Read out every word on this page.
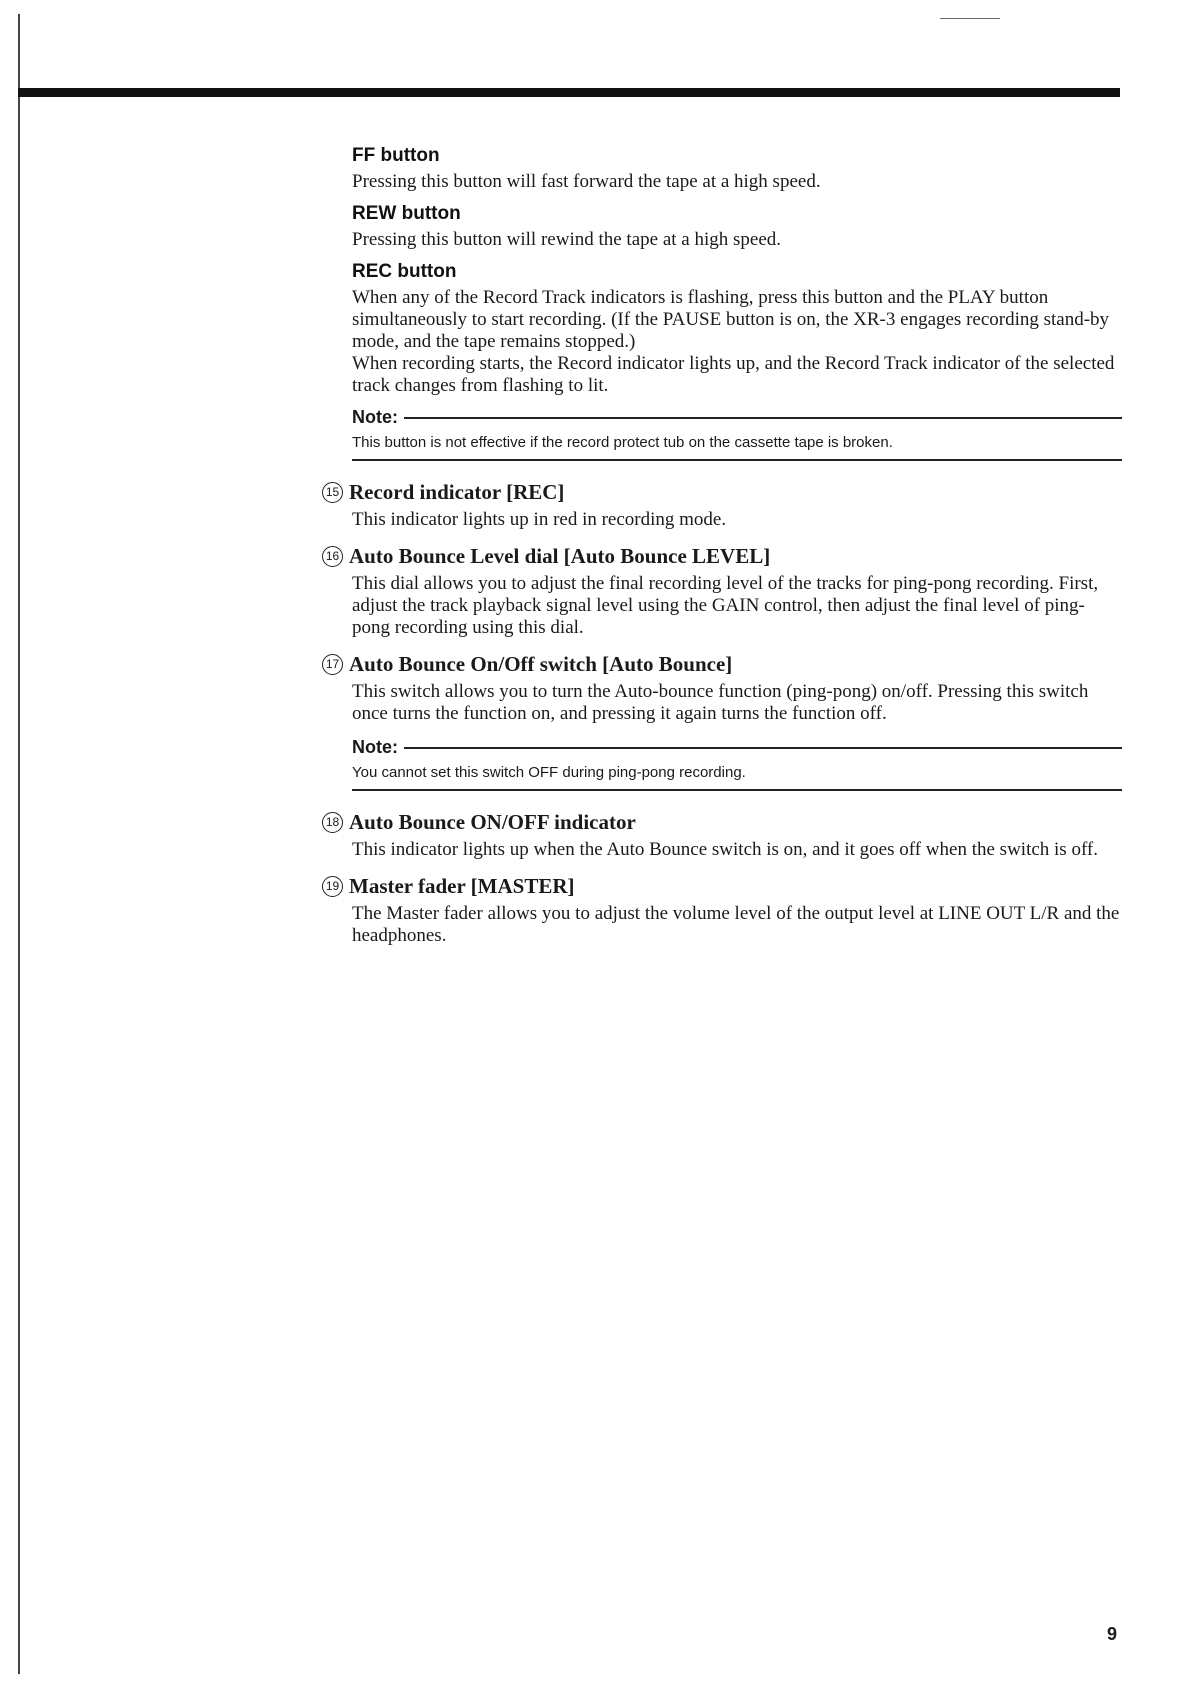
FF button

Pressing this button will fast forward the tape at a high speed.

REW button

Pressing this button will rewind the tape at a high speed.

REC button

When any of the Record Track indicators is flashing, press this button and the PLAY button simultaneously to start recording. (If the PAUSE button is on, the XR-3 engages recording stand-by mode, and the tape remains stopped.)

When recording starts, the Record indicator lights up, and the Record Track indicator of the selected track changes from flashing to lit.

Note:

This button is not effective if the record protect tub on the cassette tape is broken.

15 Record indicator [REC]

This indicator lights up in red in recording mode.

16 Auto Bounce Level dial [Auto Bounce LEVEL]

This dial allows you to adjust the final recording level of the tracks for ping-pong recording. First, adjust the track playback signal level using the GAIN control, then adjust the final level of ping-pong recording using this dial.

17 Auto Bounce On/Off switch [Auto Bounce]

This switch allows you to turn the Auto-bounce function (ping-pong) on/off. Pressing this switch once turns the function on, and pressing it again turns the function off.

Note:

You cannot set this switch OFF during ping-pong recording.

18 Auto Bounce ON/OFF indicator

This indicator lights up when the Auto Bounce switch is on, and it goes off when the switch is off.

19 Master fader [MASTER]

The Master fader allows you to adjust the volume level of the output level at LINE OUT L/R and the headphones.

9
